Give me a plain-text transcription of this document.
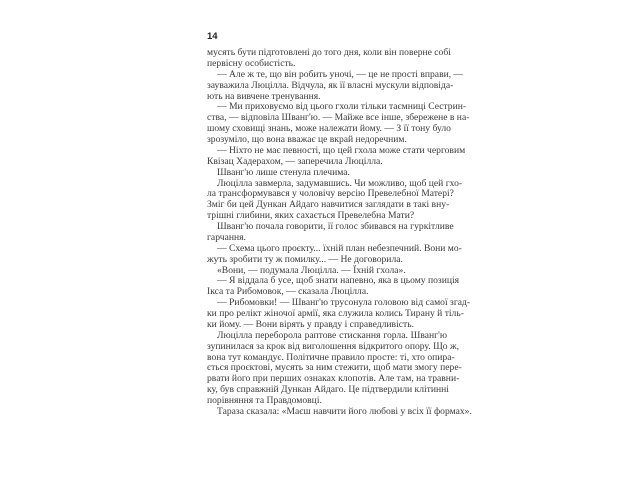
14
мусять бути підготовлені до того дня, коли він поверне собі
первісну особистість.
— Але ж те, що він робить уночі, — це не прості вправи, —
зауважила Люцілла. Відчула, як її власні мускули відповіда-
ють на вивчене тренування.
— Ми приховуємо від цього гхоли тільки таємниці Сестрин-
ства, — відповіла Шванг'ю. — Майже все інше, збережене в на-
шому сховищі знань, може належати йому. — З її тону було
зрозуміло, що вона вважає це вкрай недоречним.
— Ніхто не має певності, що цей гхола може стати черговим
Квізац Хадерахом, — заперечила Люцілла.
Шванг'ю лише стенула плечима.
Люцілла завмерла, задумавшись. Чи можливо, щоб цей гхо-
ла трансформувався у чоловічу версію Превелебної Матері?
Зміг би цей Дункан Айдаго навчитися заглядати в такі вну-
трішні глибини, яких сахається Превелебна Мати?
Шванг'ю почала говорити, її голос збивався на гуркітливе
гарчання.
— Схема цього проєкту... їхній план небезпечний. Вони мо-
жуть зробити ту ж помилку... — Не договорила.
«Вони, — подумала Люцілла. — Їхній гхола».
— Я віддала б усе, щоб знати напевно, яка в цьому позиція
Ікса та Рибомовок, — сказала Люцілла.
— Рибомовки! — Шванг'ю трусонула головою від самої згад-
ки про релікт жіночої армії, яка служила колись Тирану й тіль-
ки йому. — Вони вірять у правду і справедливість.
Люцілла переборола раптове стискання горла. Шванг'ю
зупинилася за крок від виголошення відкритого опору. Що ж,
вона тут командує. Політичне правило просте: ті, хто опира-
ється проєктові, мусять за ним стежити, щоб мати змогу пере-
рвати його при перших ознаках клопотів. Але там, на травни-
ку, був справжній Дункан Айдаго. Це підтвердили клітинні
порівняння та Правдомовці.
Тараза сказала: «Маєш навчити його любові у всіх її формах».
